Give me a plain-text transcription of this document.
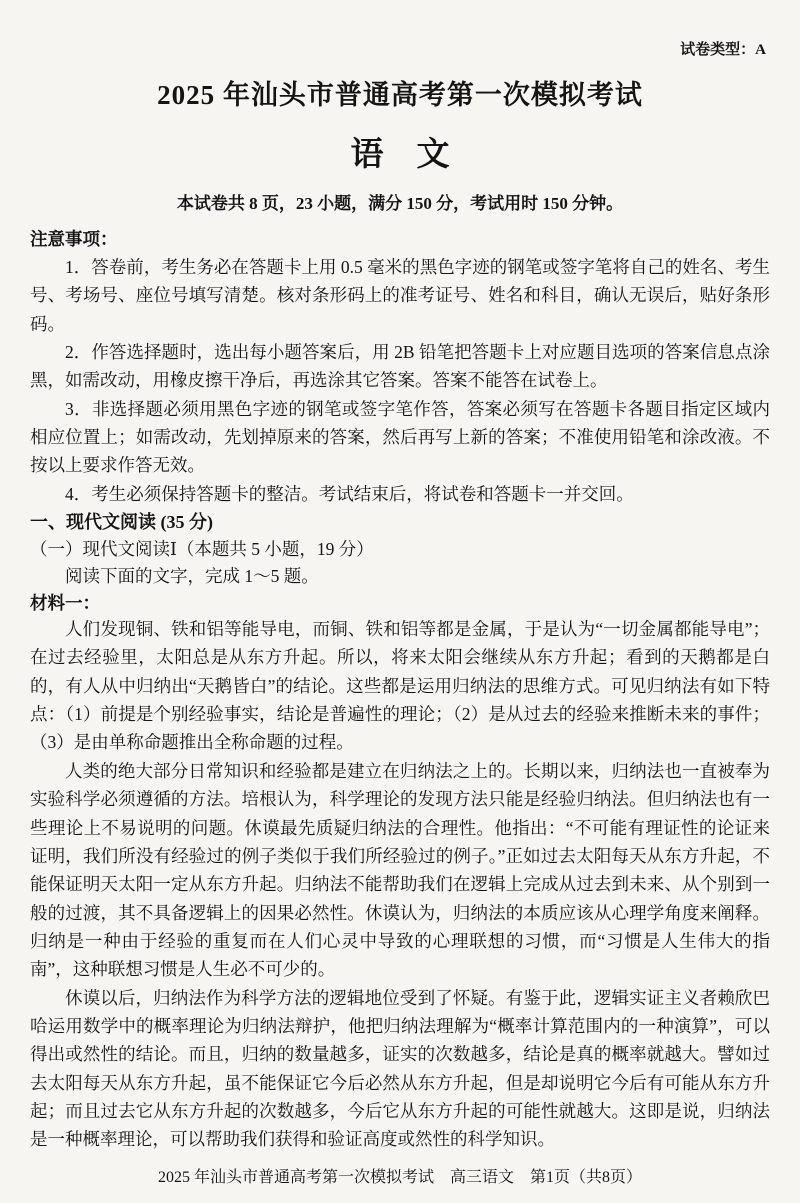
试卷类型：A
2025 年汕头市普通高考第一次模拟考试
语　文
本试卷共 8 页，23 小题，满分 150 分，考试用时 150 分钟。
注意事项：

1．答卷前，考生务必在答题卡上用 0.5 毫米的黑色字迹的钢笔或签字笔将自己的姓名、考生号、考场号、座位号填写清楚。核对条形码上的准考证号、姓名和科目，确认无误后，贴好条形码。

2．作答选择题时，选出每小题答案后，用 2B 铅笔把答题卡上对应题目选项的答案信息点涂黑，如需改动，用橡皮擦干净后，再选涂其它答案。答案不能答在试卷上。

3．非选择题必须用黑色字迹的钢笔或签字笔作答，答案必须写在答题卡各题目指定区域内相应位置上；如需改动，先划掉原来的答案，然后再写上新的答案；不准使用铅笔和涂改液。不按以上要求作答无效。

4．考生必须保持答题卡的整洁。考试结束后，将试卷和答题卡一并交回。

一、现代文阅读 (35 分)
（一）现代文阅读Ⅰ（本题共 5 小题，19 分）
阅读下面的文字，完成 1～5 题。
材料一：

人们发现铜、铁和铝等能导电，而铜、铁和铝等都是金属，于是认为“一切金属都能导电”；在过去经验里，太阳总是从东方升起。所以，将来太阳会继续从东方升起；看到的天鹅都是白的，有人从中归纳出“天鹅皆白”的结论。这些都是运用归纳法的思维方式。可见归纳法有如下特点：（1）前提是个别经验事实，结论是普遍性的理论；（2）是从过去的经验来推断未来的事件；（3）是由单称命题推出全称命题的过程。

人类的绝大部分日常知识和经验都是建立在归纳法之上的。长期以来，归纳法也一直被奉为实验科学必须遵循的方法。培根认为，科学理论的发现方法只能是经验归纳法。但归纳法也有一些理论上不易说明的问题。休谟最先质疑归纳法的合理性。他指出：“不可能有理证性的论证来证明，我们所没有经验过的例子类似于我们所经验过的例子。”正如过去太阳每天从东方升起，不能保证明天太阳一定从东方升起。归纳法不能帮助我们在逻辑上完成从过去到未来、从个别到一般的过渡，其不具备逻辑上的因果必然性。休谟认为，归纳法的本质应该从心理学角度来阐释。归纳是一种由于经验的重复而在人们心灵中导致的心理联想的习惯，而“习惯是人生伟大的指南”，这种联想习惯是人生必不可少的。

休谟以后，归纳法作为科学方法的逻辑地位受到了怀疑。有鉴于此，逻辑实证主义者赖欣巴哈运用数学中的概率理论为归纳法辩护，他把归纳法理解为“概率计算范围内的一种演算”，可以得出或然性的结论。而且，归纳的数量越多，证实的次数越多，结论是真的概率就越大。譬如过去太阳每天从东方升起，虽不能保证它今后必然从东方升起，但是却说明它今后有可能从东方升起；而且过去它从东方升起的次数越多，今后它从东方升起的可能性就越大。这即是说，归纳法是一种概率理论，可以帮助我们获得和验证高度或然性的科学知识。

2025 年汕头市普通高考第一次模拟考试　高三语文　第1页（共8页）
